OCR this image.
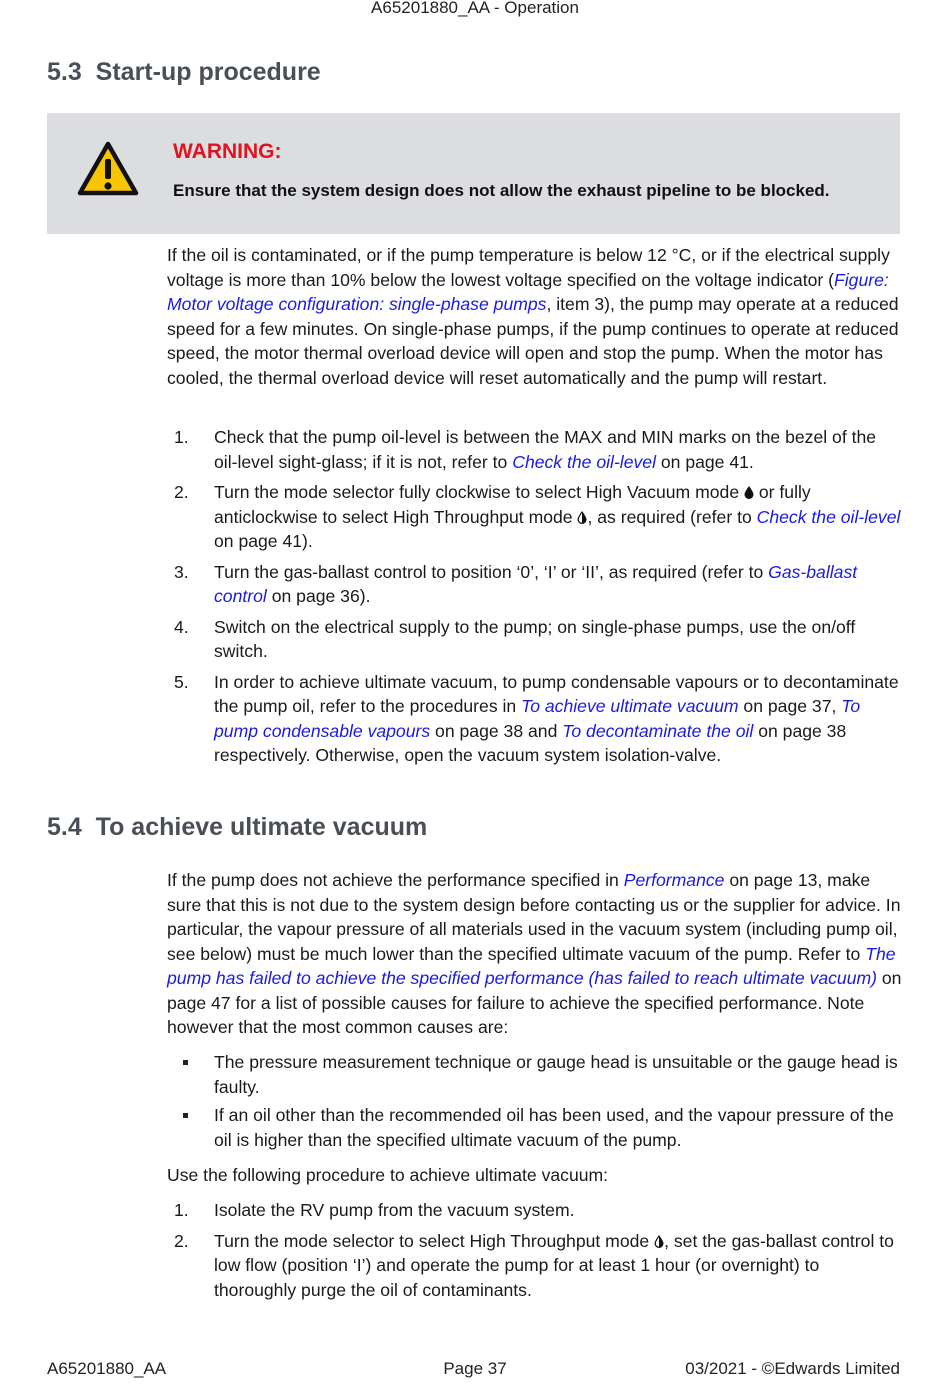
A65201880_AA - Operation
5.3 Start-up procedure
WARNING:
Ensure that the system design does not allow the exhaust pipeline to be blocked.

If the oil is contaminated, or if the pump temperature is below 12 °C, or if the electrical supply voltage is more than 10% below the lowest voltage specified on the voltage indicator (Figure: Motor voltage configuration: single-phase pumps, item 3), the pump may operate at a reduced speed for a few minutes. On single-phase pumps, if the pump continues to operate at reduced speed, the motor thermal overload device will open and stop the pump. When the motor has cooled, the thermal overload device will reset automatically and the pump will restart.

1. Check that the pump oil-level is between the MAX and MIN marks on the bezel of the oil-level sight-glass; if it is not, refer to Check the oil-level on page 41.
2. Turn the mode selector fully clockwise to select High Vacuum mode  or fully anticlockwise to select High Throughput mode , as required (refer to Check the oil-level on page 41).
3. Turn the gas-ballast control to position ‘0’, ‘I’ or ‘II’, as required (refer to Gas-ballast control on page 36).
4. Switch on the electrical supply to the pump; on single-phase pumps, use the on/off switch.
5. In order to achieve ultimate vacuum, to pump condensable vapours or to decontaminate the pump oil, refer to the procedures in To achieve ultimate vacuum on page 37, To pump condensable vapours on page 38 and To decontaminate the oil on page 38 respectively. Otherwise, open the vacuum system isolation-valve.
5.4 To achieve ultimate vacuum

If the pump does not achieve the performance specified in Performance on page 13, make sure that this is not due to the system design before contacting us or the supplier for advice. In particular, the vapour pressure of all materials used in the vacuum system (including pump oil, see below) must be much lower than the specified ultimate vacuum of the pump. Refer to The pump has failed to achieve the specified performance (has failed to reach ultimate vacuum) on page 47 for a list of possible causes for failure to achieve the specified performance. Note however that the most common causes are:

The pressure measurement technique or gauge head is unsuitable or the gauge head is faulty.
If an oil other than the recommended oil has been used, and the vapour pressure of the oil is higher than the specified ultimate vacuum of the pump.

Use the following procedure to achieve ultimate vacuum:

1. Isolate the RV pump from the vacuum system.
2. Turn the mode selector to select High Throughput mode , set the gas-ballast control to low flow (position ‘I’) and operate the pump for at least 1 hour (or overnight) to thoroughly purge the oil of contaminants.
A65201880_AA	Page 37	03/2021 - ©Edwards Limited
